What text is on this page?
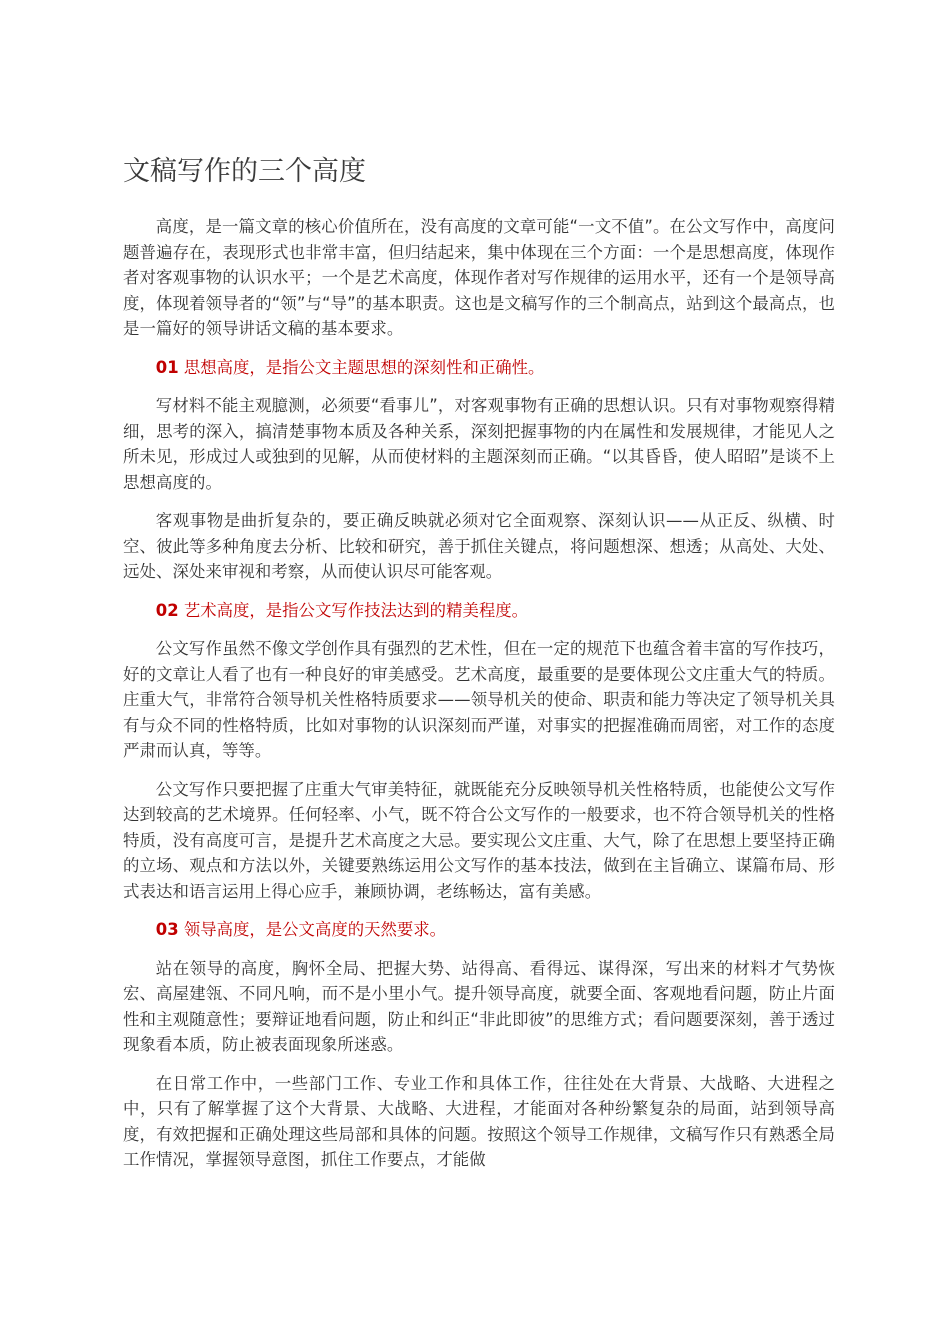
文稿写作的三个高度

高度，是一篇文章的核心价值所在，没有高度的文章可能“一文不值”。在公文写作中，高度问题普遍存在，表现形式也非常丰富，但归结起来，集中体现在三个方面：一个是思想高度，体现作者对客观事物的认识水平；一个是艺术高度，体现作者对写作规律的运用水平，还有一个是领导高度，体现着领导者的“领”与“导”的基本职责。这也是文稿写作的三个制高点，站到这个最高点，也是一篇好的领导讲话文稿的基本要求。

01 思想高度，是指公文主题思想的深刻性和正确性。

写材料不能主观臆测，必须要“看事儿”，对客观事物有正确的思想认识。只有对事物观察得精细，思考的深入，搞清楚事物本质及各种关系，深刻把握事物的内在属性和发展规律，才能见人之所未见，形成过人或独到的见解，从而使材料的主题深刻而正确。“以其昏昏，使人昭昭”是谈不上思想高度的。

客观事物是曲折复杂的，要正确反映就必须对它全面观察、深刻认识——从正反、纵横、时空、彼此等多种角度去分析、比较和研究，善于抓住关键点，将问题想深、想透；从高处、大处、远处、深处来审视和考察，从而使认识尽可能客观。

02 艺术高度，是指公文写作技法达到的精美程度。

公文写作虽然不像文学创作具有强烈的艺术性，但在一定的规范下也蕴含着丰富的写作技巧，好的文章让人看了也有一种良好的审美感受。艺术高度，最重要的是要体现公文庄重大气的特质。庄重大气，非常符合领导机关性格特质要求——领导机关的使命、职责和能力等决定了领导机关具有与众不同的性格特质，比如对事物的认识深刻而严谨，对事实的把握准确而周密，对工作的态度严肃而认真，等等。

公文写作只要把握了庄重大气审美特征，就既能充分反映领导机关性格特质，也能使公文写作达到较高的艺术境界。任何轻率、小气，既不符合公文写作的一般要求，也不符合领导机关的性格特质，没有高度可言，是提升艺术高度之大忌。要实现公文庄重、大气，除了在思想上要坚持正确的立场、观点和方法以外，关键要熟练运用公文写作的基本技法，做到在主旨确立、谋篇布局、形式表达和语言运用上得心应手，兼顾协调，老练畅达，富有美感。

03 领导高度，是公文高度的天然要求。

站在领导的高度，胸怀全局、把握大势、站得高、看得远、谋得深，写出来的材料才气势恢宏、高屋建瓴、不同凡响，而不是小里小气。提升领导高度，就要全面、客观地看问题，防止片面性和主观随意性；要辩证地看问题，防止和纠正“非此即彼”的思维方式；看问题要深刻，善于透过现象看本质，防止被表面现象所迷惑。

在日常工作中，一些部门工作、专业工作和具体工作，往往处在大背景、大战略、大进程之中，只有了解掌握了这个大背景、大战略、大进程，才能面对各种纷繁复杂的局面，站到领导高度，有效把握和正确处理这些局部和具体的问题。按照这个领导工作规律，文稿写作只有熟悉全局工作情况，掌握领导意图，抓住工作要点，才能做
